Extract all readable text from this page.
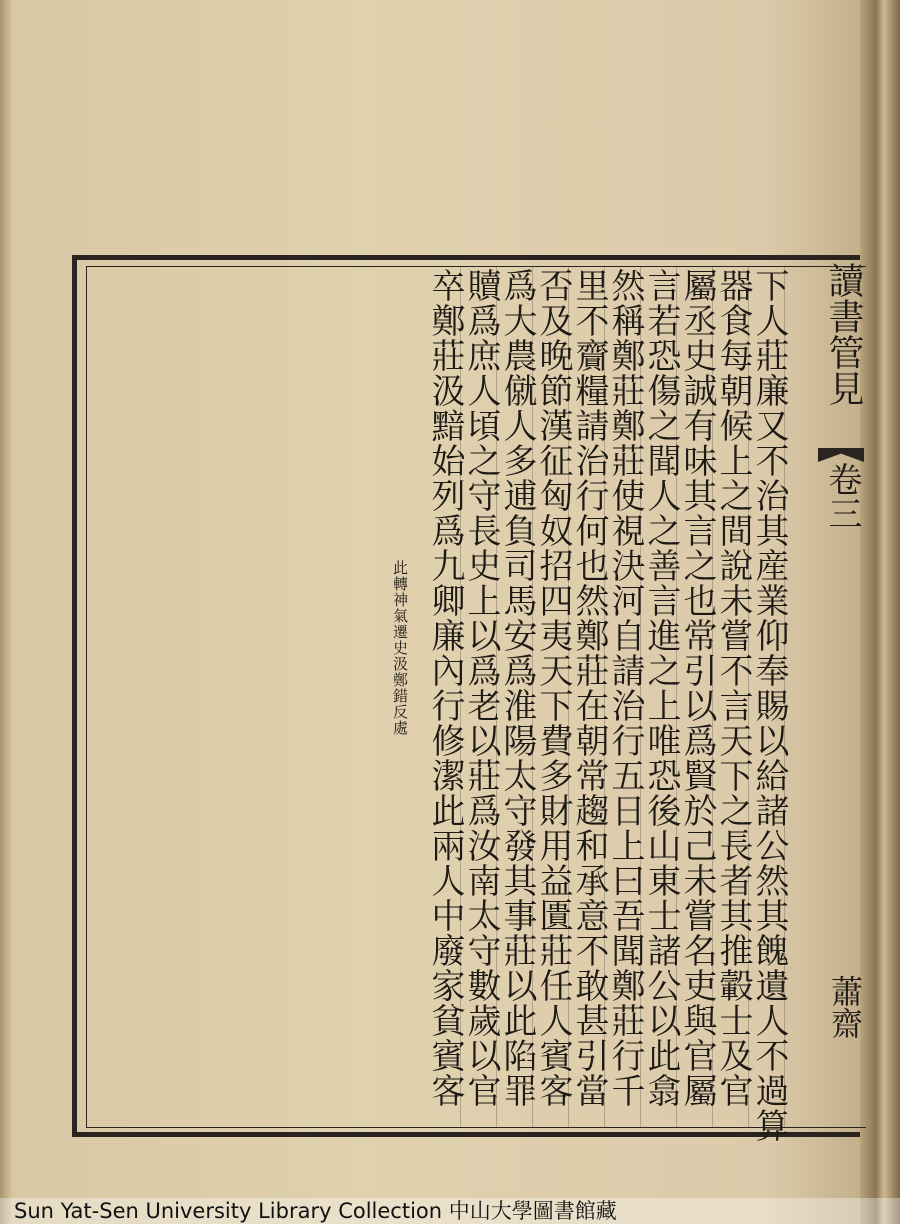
讀書管見
卷三
蕭齋
下人莊廉又不治其産業仰奉賜以給諸公然其餽遺人不過算
器食每朝候上之間說未嘗不言天下之長者其推轂士及官
屬丞史誠有味其言之也常引以爲賢於己未嘗名吏與官屬
言若恐傷之聞人之善言進之上唯恐後山東士諸公以此翕
然稱鄭莊鄭莊使視決河自請治行五日上曰吾聞鄭莊行千
里不齎糧請治行何也然鄭莊在朝常趨和承意不敢甚引當
否及晚節漢征匈奴招四夷天下費多財用益匱莊任人賓客
爲大農僦人多逋負司馬安爲淮陽太守發其事莊以此陷罪
贖爲庶人頃之守長史上以爲老以莊爲汝南太守數歲以官
卒鄭莊汲黯始列爲九卿廉內行修潔此兩人中廢家貧賓客
此轉神氣遷史汲鄭錯反處
Sun Yat-Sen University Library Collection 中山大學圖書館藏
